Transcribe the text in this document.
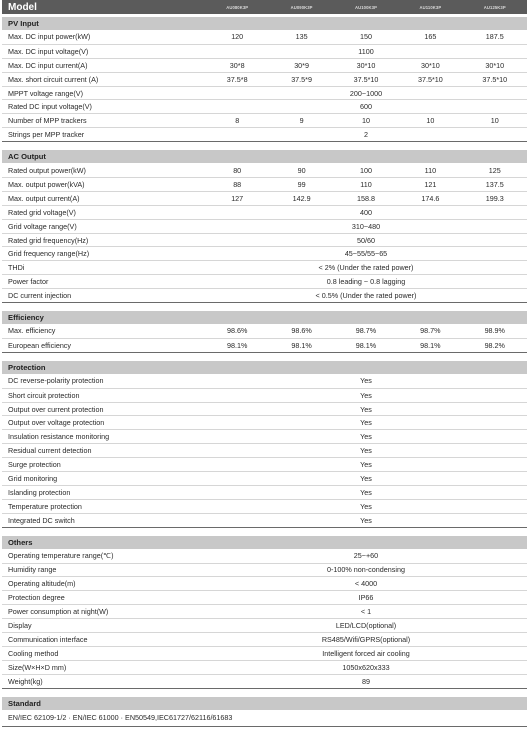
Model	AU080K3P	AU090K3P	AU100K3P	AU110K3P	AU125K3P
PV Input
Max. DC input power(kW)	120	135	150	165	187.5
Max. DC input voltage(V)	1100
Max. DC input current(A)	30*8	30*9	30*10	30*10	30*10
Max. short circuit current (A)	37.5*8	37.5*9	37.5*10	37.5*10	37.5*10
MPPT voltage range(V)	200~1000
Rated DC input voltage(V)	600
Number of MPP trackers	8	9	10	10	10
Strings per MPP tracker	2
AC Output
Rated output power(kW)	80	90	100	110	125
Max. output power(kVA)	88	99	110	121	137.5
Max. output current(A)	127	142.9	158.8	174.6	199.3
Rated grid voltage(V)	400
Grid voltage range(V)	310~480
Rated grid frequency(Hz)	50/60
Grid frequency range(Hz)	45~55/55~65
THDi	< 2% (Under the rated power)
Power factor	0.8 leading ~ 0.8 lagging
DC current injection	< 0.5% (Under the rated power)
Efficiency
Max. efficiency	98.6%	98.6%	98.7%	98.7%	98.9%
European efficiency	98.1%	98.1%	98.1%	98.1%	98.2%
Protection
DC reverse-polarity protection	Yes
Short circuit protection	Yes
Output over current protection	Yes
Output over voltage protection	Yes
Insulation resistance monitoring	Yes
Residual current detection	Yes
Surge protection	Yes
Grid monitoring	Yes
Islanding protection	Yes
Temperature protection	Yes
Integrated DC switch	Yes
Others
Operating temperature range(℃)	25~+60
Humidity range	0-100% non-condensing
Operating altitude(m)	< 4000
Protection degree	IP66
Power consumption at night(W)	< 1
Display	LED/LCD(optional)
Communication interface	RS485/Wifi/GPRS(optional)
Cooling method	Intelligent forced air cooling
Size(W×H×D mm)	1050x620x333
Weight(kg)	89
Standard
EN/IEC 62109-1/2 · EN/IEC 61000 · EN50549,IEC61727/62116/61683
